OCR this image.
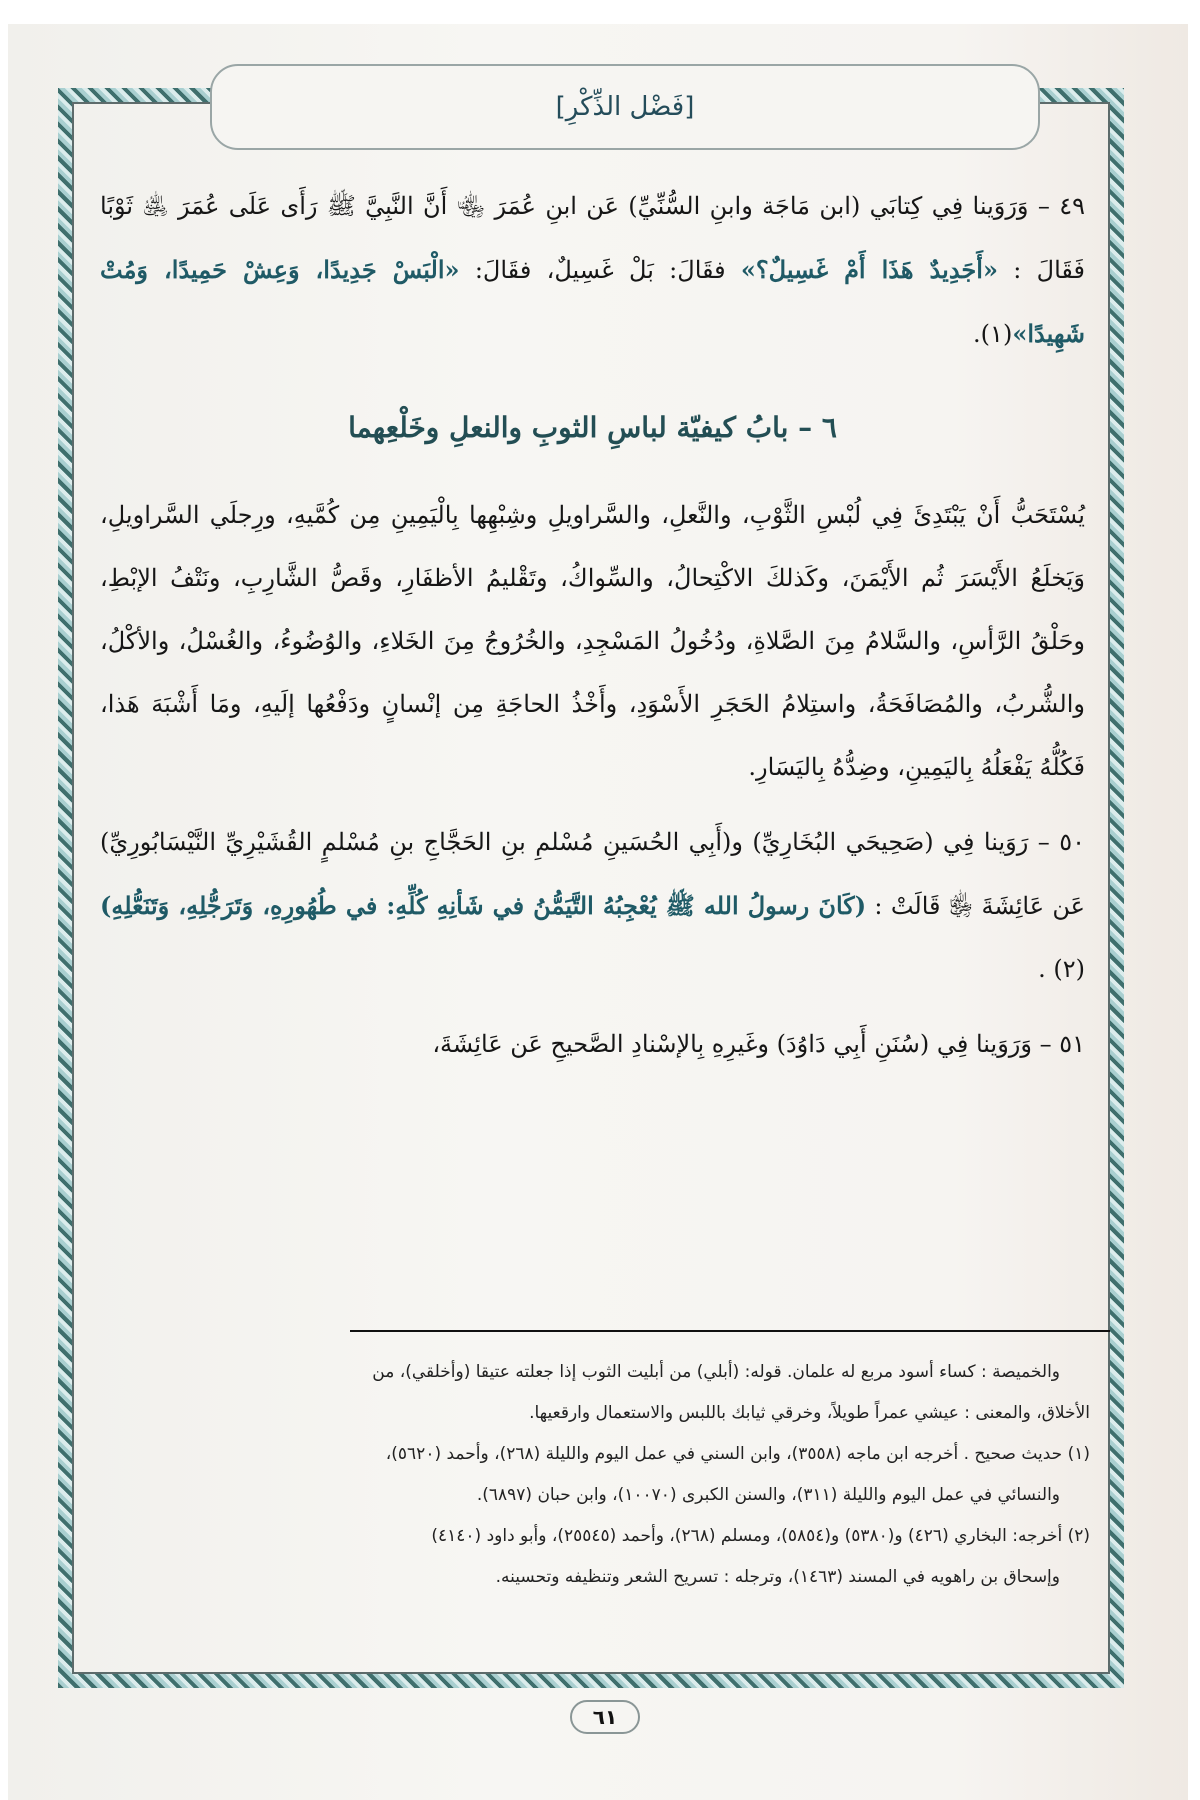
[فَضْل الذِّكْرِ]

٤٩ – وَرَوَينا فِي كِتابَي (ابن مَاجَة وابنِ السُّنِّيِّ) عَن ابنِ عُمَرَ ﵄ أَنَّ النَّبِيَّ ﷺ رَأَى عَلَى عُمَرَ ﵁ ثَوْبًا فَقَالَ : «أَجَدِيدٌ هَذَا أَمْ غَسِيلٌ؟» فقَالَ: بَلْ غَسِيلٌ، فقَالَ: «الْبَسْ جَدِيدًا، وَعِشْ حَمِيدًا، وَمُتْ شَهِيدًا»(١).

٦ – بابُ كيفيّة لباسِ الثوبِ والنعلِ وخَلْعِهما

يُسْتَحَبُّ أَنْ يَبْتَدِئَ فِي لُبْسِ الثَّوْبِ، والنَّعلِ، والسَّراويلِ وشِبْهِها بِالْيَمِينِ مِن كُمَّيهِ، ورِجلَي السَّراويلِ، وَيَخلَعُ الأَيْسَرَ ثُم الأَيْمَنَ، وكَذلكَ الاكْتِحالُ، والسِّواكُ، وتَقْليمُ الأظفَارِ، وقَصُّ الشَّارِبِ، ونَتْفُ الإبْطِ، وحَلْقُ الرَّأسِ، والسَّلامُ مِنَ الصَّلاةِ، ودُخُولُ المَسْجِدِ، والخُرُوجُ مِنَ الخَلاءِ، والوُضُوءُ، والغُسْلُ، والأكْلُ، والشُّربُ، والمُصَافَحَةُ، واستِلامُ الحَجَرِ الأَسْوَدِ، وأَخْذُ الحاجَةِ مِن إنْسانٍ ودَفْعُها إلَيهِ، ومَا أَشْبَهَ هَذا، فَكُلُّهُ يَفْعَلُهُ بِاليَمِينِ، وضِدُّهُ بِاليَسَارِ.

٥٠ – رَوَينا فِي (صَحِيحَي البُخَارِيِّ) و(أَبِي الحُسَينِ مُسْلمِ بنِ الحَجَّاجِ بنِ مُسْلمٍ القُشَيْرِيِّ النَّيْسَابُورِيِّ) عَن عَائِشَةَ ﵂ قَالَتْ : (كَانَ رسولُ الله ﷺ يُعْجِبُهُ التَّيَمُّنُ في شَأنِهِ كُلِّهِ: في طُهُورِهِ، وَتَرَجُّلِهِ، وَتَنَعُّلِهِ)(٢) .

٥١ – وَرَوَينا فِي (سُنَنِ أَبِي دَاوُدَ) وغَيرِهِ بِالإسْنادِ الصَّحيحِ عَن عَائِشَةَ،

والخميصة : كساء أسود مربع له علمان. قوله: (أبلي) من أبليت الثوب إذا جعلته عتيقا (وأخلقي)، من

الأخلاق، والمعنى : عيشي عمراً طويلاً، وخرقي ثيابك باللبس والاستعمال وارقعيها.

(١) حديث صحيح . أخرجه ابن ماجه (٣٥٥٨)، وابن السني في عمل اليوم والليلة (٢٦٨)، وأحمد (٥٦٢٠)،

والنسائي في عمل اليوم والليلة (٣١١)، والسنن الكبرى (١٠٠٧٠)، وابن حبان (٦٨٩٧).

(٢) أخرجه: البخاري (٤٢٦) و(٥٣٨٠) و(٥٨٥٤)، ومسلم (٢٦٨)، وأحمد (٢٥٥٤٥)، وأبو داود (٤١٤٠)

وإسحاق بن راهويه في المسند (١٤٦٣)، وترجله : تسريح الشعر وتنظيفه وتحسينه.

٦١
